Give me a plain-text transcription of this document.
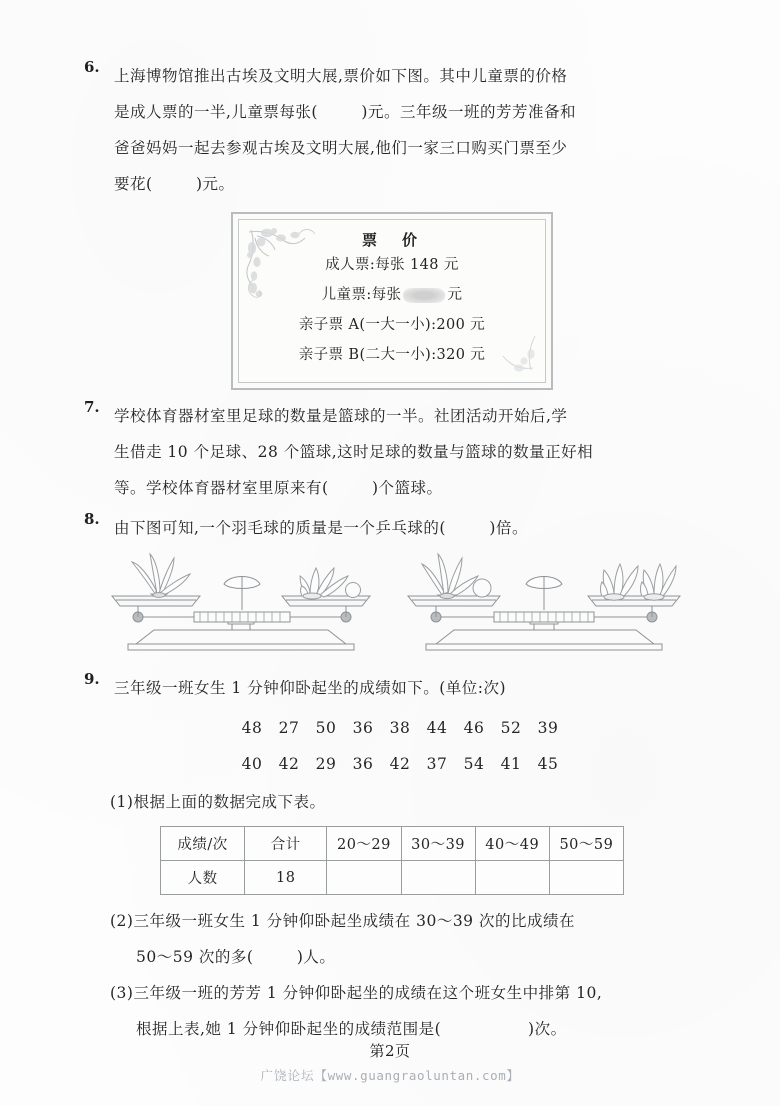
6. 上海博物馆推出古埃及文明大展,票价如下图。其中儿童票的价格
是成人票的一半,儿童票每张(        )元。三年级一班的芳芳准备和
爸爸妈妈一起去参观古埃及文明大展,他们一家三口购买门票至少
要花(        )元。
票　价
成人票:每张 148 元
儿童票:每张	元
亲子票 A(一大一小):200 元
亲子票 B(二大一小):320 元
7. 学校体育器材室里足球的数量是篮球的一半。社团活动开始后,学
生借走 10 个足球、28 个篮球,这时足球的数量与篮球的数量正好相
等。学校体育器材室里原来有(        )个篮球。
8. 由下图可知,一个羽毛球的质量是一个乒乓球的(        )倍。
9. 三年级一班女生 1 分钟仰卧起坐的成绩如下。(单位:次)
48   27   50   36   38   44   46   52   39
40   42   29   36   42   37   54   41   45
(1)根据上面的数据完成下表。
成绩/次	合计	20～29	30～39	40～49	50～59
人数	18				
(2)三年级一班女生 1 分钟仰卧起坐成绩在 30～39 次的比成绩在
50～59 次的多(        )人。
(3)三年级一班的芳芳 1 分钟仰卧起坐的成绩在这个班女生中排第 10,
根据上表,她 1 分钟仰卧起坐的成绩范围是(                )次。
第2页
广饶论坛【www.guangraoluntan.com】
